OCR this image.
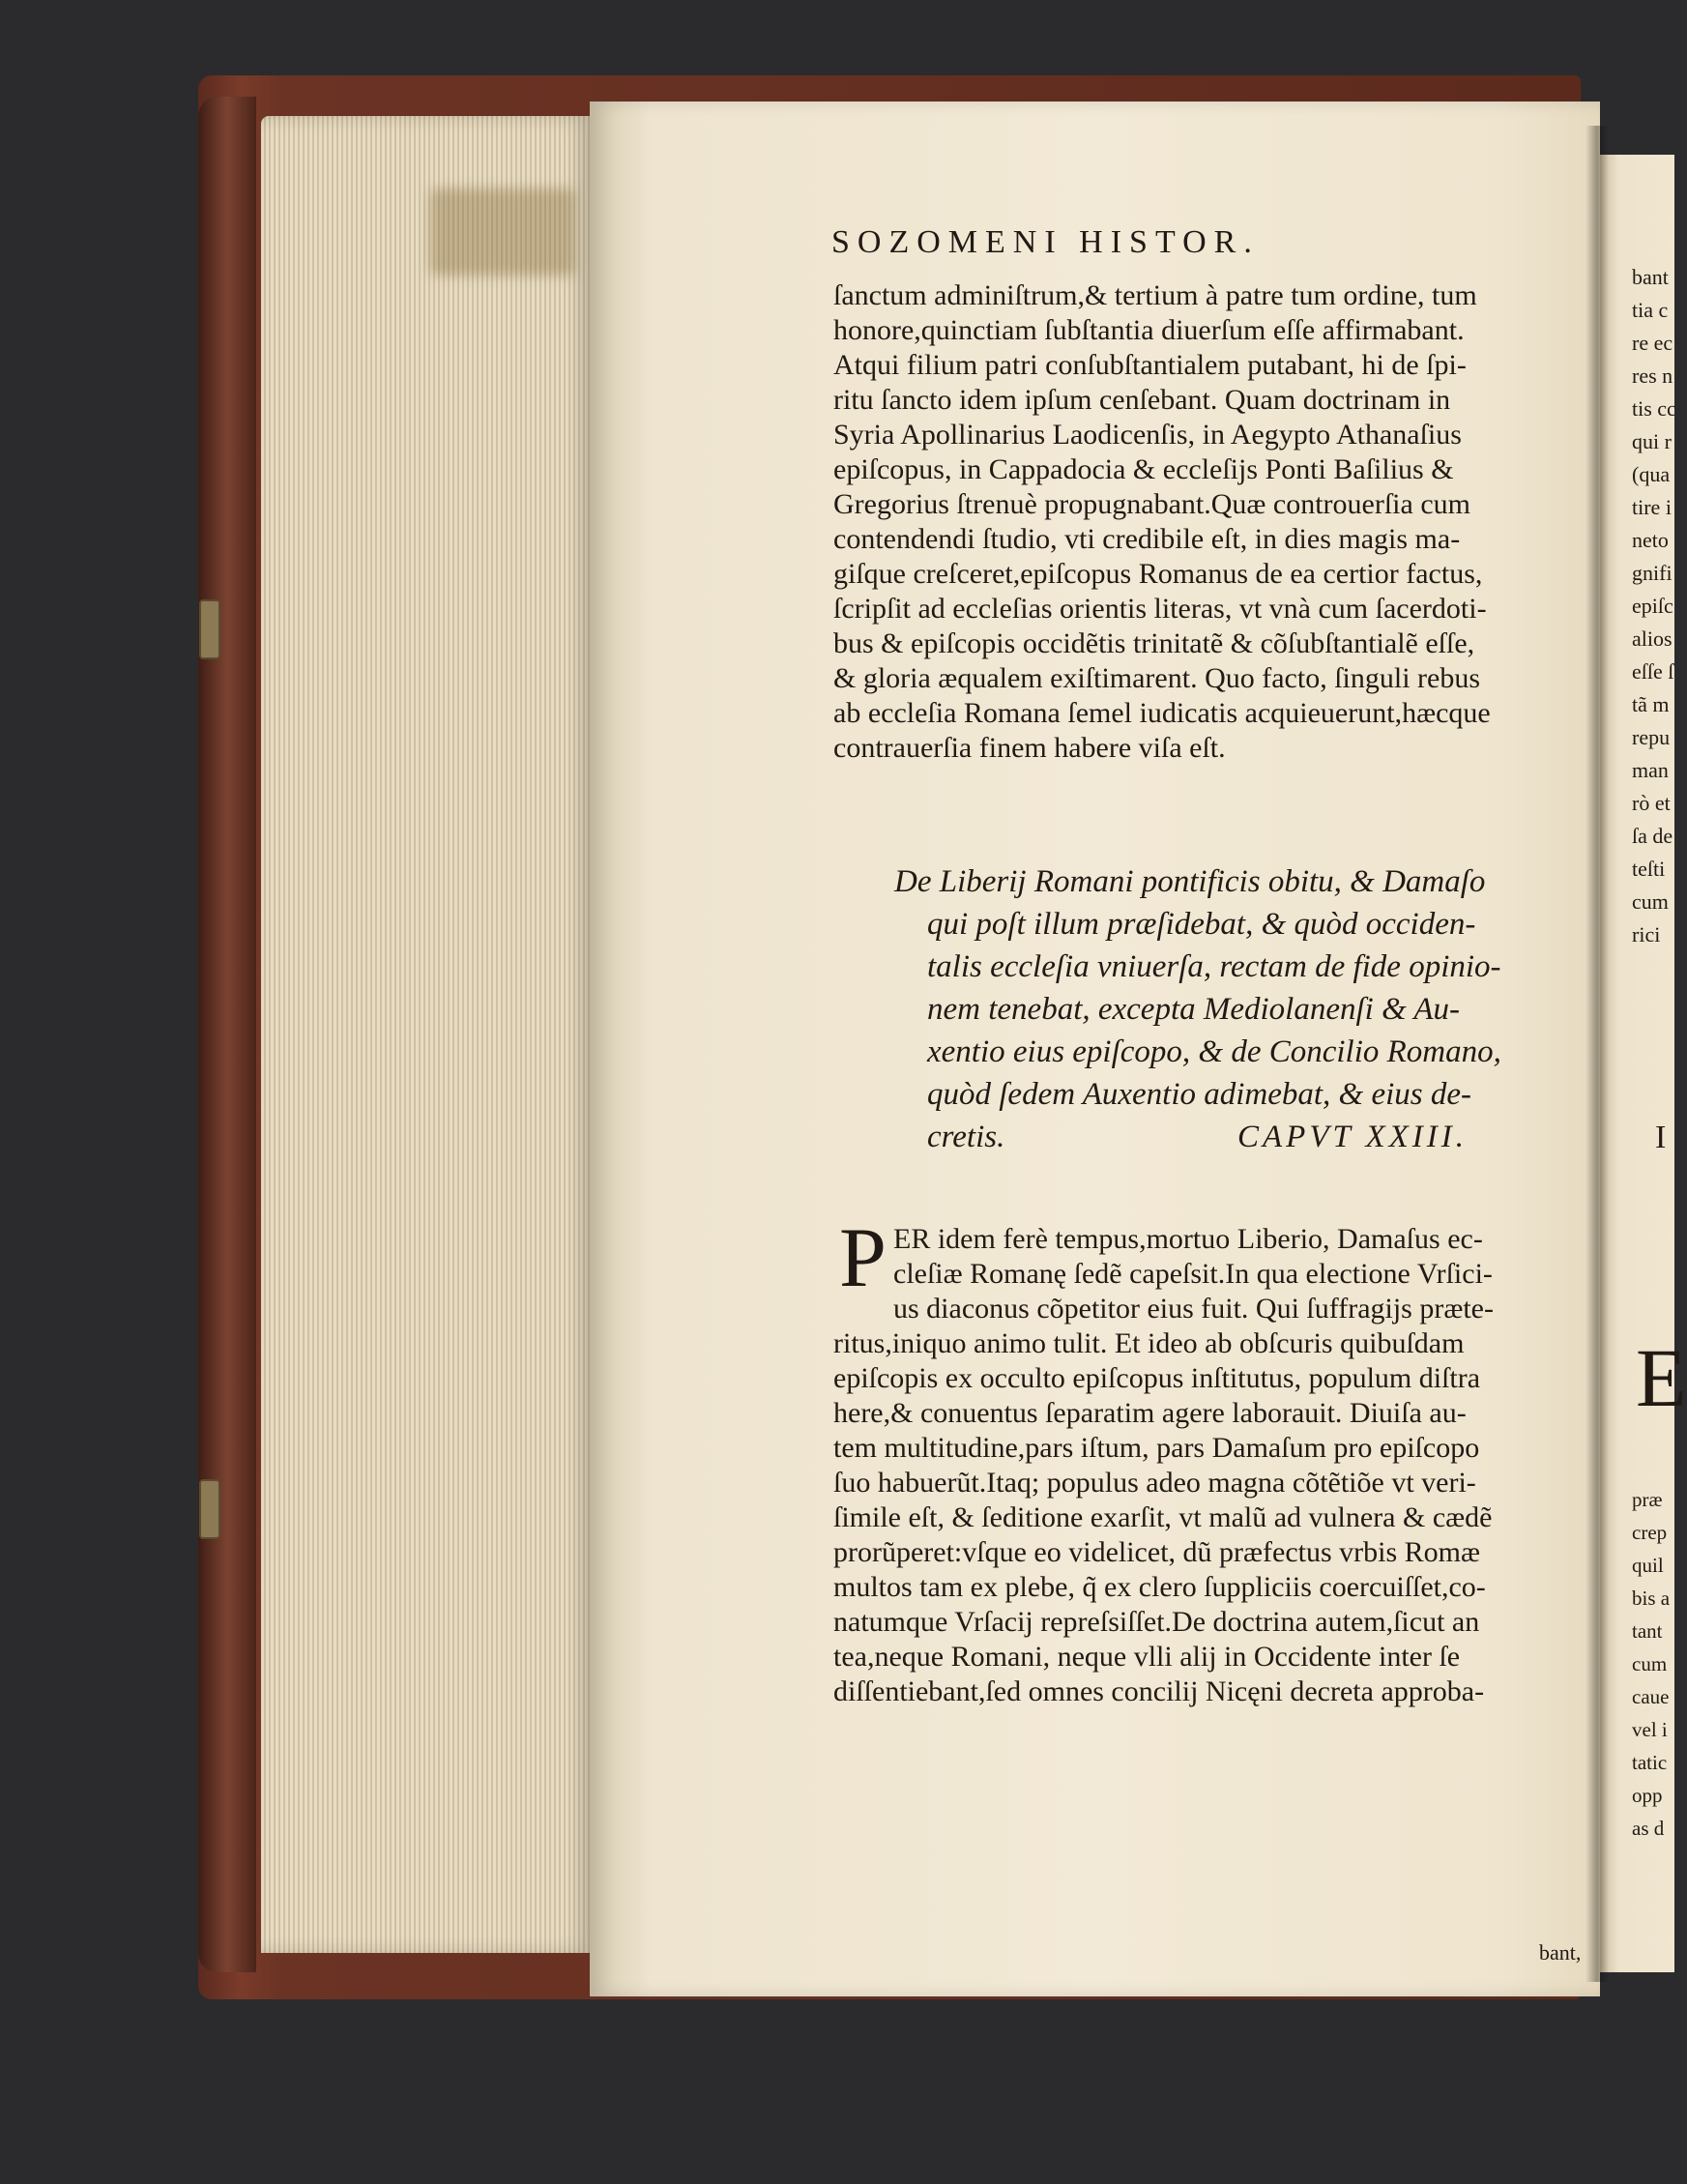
SOZOMENI HISTOR.
ſanctum adminiſtrum,& tertium à patre tum ordine, tum
honore,quinctiam ſubſtantia diuerſum eſſe affirmabant.
Atqui filium patri conſubſtantialem putabant, hi de ſpi-
ritu ſancto idem ipſum cenſebant. Quam doctrinam in
Syria Apollinarius Laodicenſis, in Aegypto Athanaſius
epiſcopus, in Cappadocia & eccleſijs Ponti Baſilius &
Gregorius ſtrenuè propugnabant.Quæ controuerſia cum
contendendi ſtudio, vti credibile eſt, in dies magis ma-
giſque creſceret,epiſcopus Romanus de ea certior factus,
ſcripſit ad eccleſias orientis literas, vt vnà cum ſacerdoti-
bus & epiſcopis occidẽtis trinitatẽ & cõſubſtantialẽ eſſe,
& gloria æqualem exiſtimarent. Quo facto, ſinguli rebus
ab eccleſia Romana ſemel iudicatis acquieuerunt,hæcque
contrauerſia finem habere viſa eſt.
De Liberij Romani pontificis obitu, & Damaſo
qui poſt illum præſidebat, & quòd occiden-
talis eccleſia vniuerſa, rectam de fide opinio-
nem tenebat, excepta Mediolanenſi & Au-
xentio eius epiſcopo, & de Concilio Romano,
quòd ſedem Auxentio adimebat, & eius de-
cretis.	CAPVT XXIII.
P ER idem ferè tempus,mortuo Liberio, Damaſus ec-
cleſiæ Romanę ſedẽ capeſsit.In qua electione Vrſici-
us diaconus cõpetitor eius fuit. Qui ſuffragijs præte-
ritus,iniquo animo tulit. Et ideo ab obſcuris quibuſdam
epiſcopis ex occulto epiſcopus inſtitutus, populum diſtra
here,& conuentus ſeparatim agere laborauit. Diuiſa au-
tem multitudine,pars iſtum, pars Damaſum pro epiſcopo
ſuo habuerũt.Itaq; populus adeo magna cõtẽtiõe vt veri-
ſimile eſt, & ſeditione exarſit, vt malũ ad vulnera & cædẽ
prorũperet:vſque eo videlicet, dũ præfectus vrbis Romæ
multos tam ex plebe, q̃ ex clero ſuppliciis coercuiſſet,co-
natumque Vrſacij repreſsiſſet.De doctrina autem,ſicut an
tea,neque Romani, neque vlli alij in Occidente inter ſe
diſſentiebant,ſed omnes concilij Nicęni decreta approba-
bant,
bant
tia c
re ec
res n
tis cc
qui r
(qua
tire i
neto
gnifi
epiſc
alios
eſſe ſ
tã m
repu
man
rò et
ſa de
teſti
cum
rici
I
E
præ
crep
quil
bis a
tant
cum
caue
vel i
tatic
opp
as d
